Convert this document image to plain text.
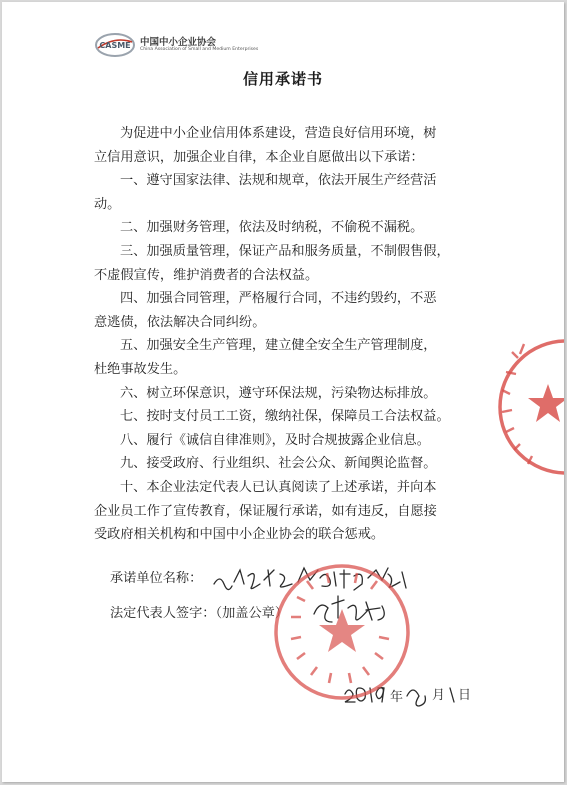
CASME 中国中小企业协会
China Association of Small and Medium Enterprises
信用承诺书
为促进中小企业信用体系建设，营造良好信用环境，树
立信用意识，加强企业自律，本企业自愿做出以下承诺：
一、遵守国家法律、法规和规章，依法开展生产经营活
动。
二、加强财务管理，依法及时纳税，不偷税不漏税。
三、加强质量管理，保证产品和服务质量，不制假售假，
不虚假宣传，维护消费者的合法权益。
四、加强合同管理，严格履行合同，不违约毁约，不恶
意逃债，依法解决合同纠纷。
五、加强安全生产管理，建立健全安全生产管理制度，
杜绝事故发生。
六、树立环保意识，遵守环保法规，污染物达标排放。
七、按时支付员工工资，缴纳社保，保障员工合法权益。
八、履行《诚信自律准则》，及时合规披露企业信息。
九、接受政府、行业组织、社会公众、新闻舆论监督。
十、本企业法定代表人已认真阅读了上述承诺，并向本
企业员工作了宣传教育，保证履行承诺，如有违反，自愿接
受政府相关机构和中国中小企业协会的联合惩戒。
承诺单位名称：
法定代表人签字：（加盖公章）
年 月 日
